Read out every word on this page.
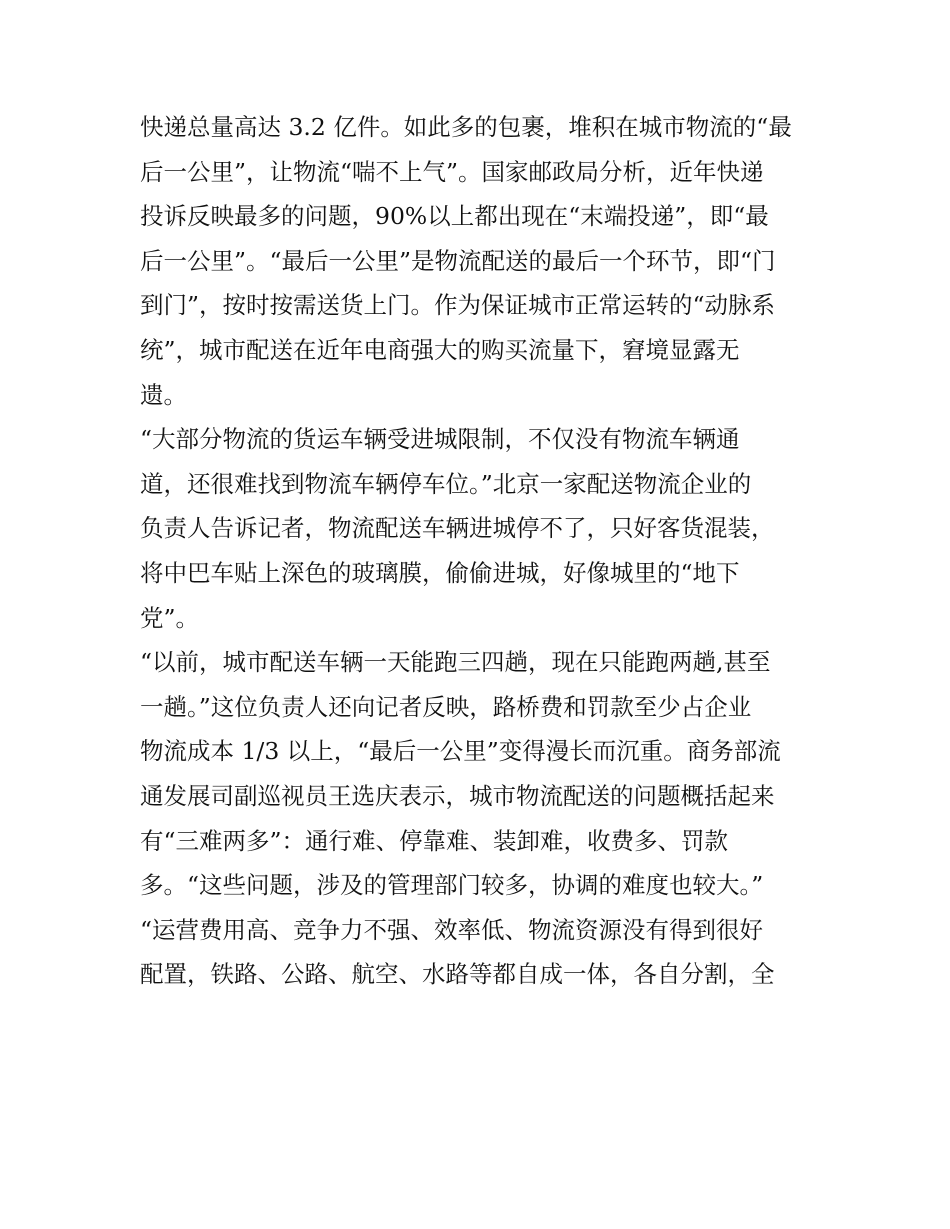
快递总量高达 3.2 亿件。如此多的包裹，堆积在城市物流的“最
后一公里”，让物流“喘不上气”。国家邮政局分析，近年快递
投诉反映最多的问题，90%以上都出现在“末端投递”，即“最
后一公里”。“最后一公里”是物流配送的最后一个环节，即“门
到门”，按时按需送货上门。作为保证城市正常运转的“动脉系
统”，城市配送在近年电商强大的购买流量下，窘境显露无
遗。
“大部分物流的货运车辆受进城限制，不仅没有物流车辆通
道，还很难找到物流车辆停车位。”北京一家配送物流企业的
负责人告诉记者，物流配送车辆进城停不了，只好客货混装，
将中巴车贴上深色的玻璃膜，偷偷进城，好像城里的“地下
党”。
“以前，城市配送车辆一天能跑三四趟，现在只能跑两趟,甚至
一趟。”这位负责人还向记者反映，路桥费和罚款至少占企业
物流成本 1/3 以上，“最后一公里”变得漫长而沉重。商务部流
通发展司副巡视员王选庆表示，城市物流配送的问题概括起来
有“三难两多”：通行难、停靠难、装卸难，收费多、罚款
多。“这些问题，涉及的管理部门较多，协调的难度也较大。”
“运营费用高、竞争力不强、效率低、物流资源没有得到很好
配置，铁路、公路、航空、水路等都自成一体，各自分割，全
